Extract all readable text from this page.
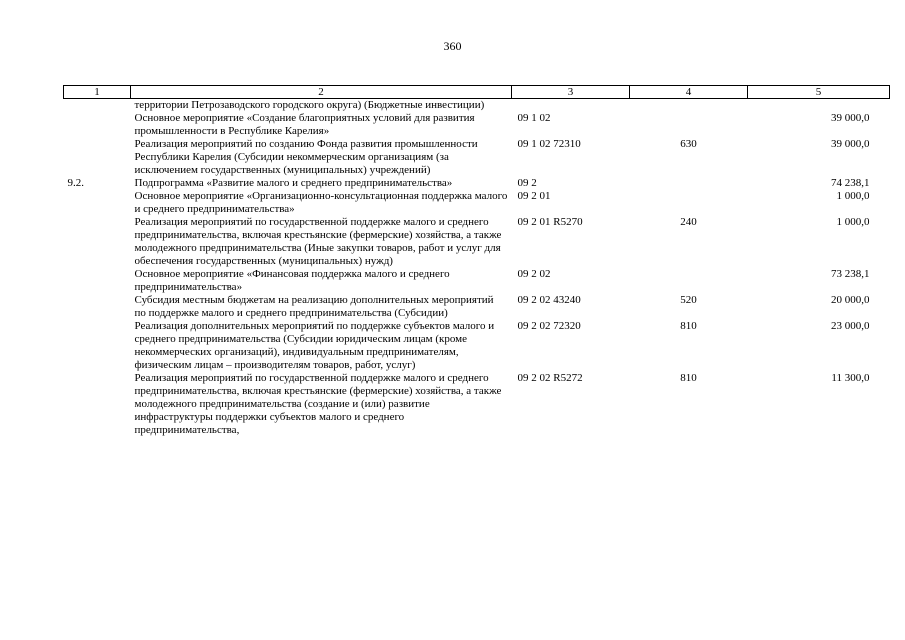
360
1	2	3	4	5
	территории Петрозаводского городского округа) (Бюджетные инвестиции)			
	Основное мероприятие «Создание благоприятных условий для развития промышленности в Республике Карелия»	09 1 02		39 000,0
	Реализация мероприятий по созданию Фонда развития промышленности Республики Карелия (Субсидии некоммерческим организациям (за исключением государственных (муниципальных) учреждений)	09 1 02 72310	630	39 000,0
9.2.	Подпрограмма «Развитие малого и среднего предпринимательства»	09 2		74 238,1
	Основное мероприятие «Организационно-консультационная поддержка малого и среднего предпринимательства»	09 2 01		1 000,0
	Реализация мероприятий по государственной поддержке малого и среднего предпринимательства, включая крестьянские (фермерские) хозяйства, а также молодежного предпринимательства (Иные закупки товаров, работ и услуг для обеспечения государственных (муниципальных) нужд)	09 2 01 R5270	240	1 000,0
	Основное мероприятие «Финансовая поддержка малого и среднего предпринимательства»	09 2 02		73 238,1
	Субсидия местным бюджетам на реализацию дополнительных мероприятий по поддержке малого и среднего предпринимательства (Субсидии)	09 2 02 43240	520	20 000,0
	Реализация дополнительных мероприятий по поддержке субъектов малого и среднего предпринимательства (Субсидии юридическим лицам (кроме некоммерческих организаций), индивидуальным предпринимателям, физическим лицам – производителям товаров, работ, услуг)	09 2 02 72320	810	23 000,0
	Реализация мероприятий по государственной поддержке малого и среднего предпринимательства, включая крестьянские (фермерские) хозяйства, а также молодежного предпринимательства (создание и (или) развитие инфраструктуры поддержки субъектов малого и среднего предпринимательства,	09 2 02 R5272	810	11 300,0
